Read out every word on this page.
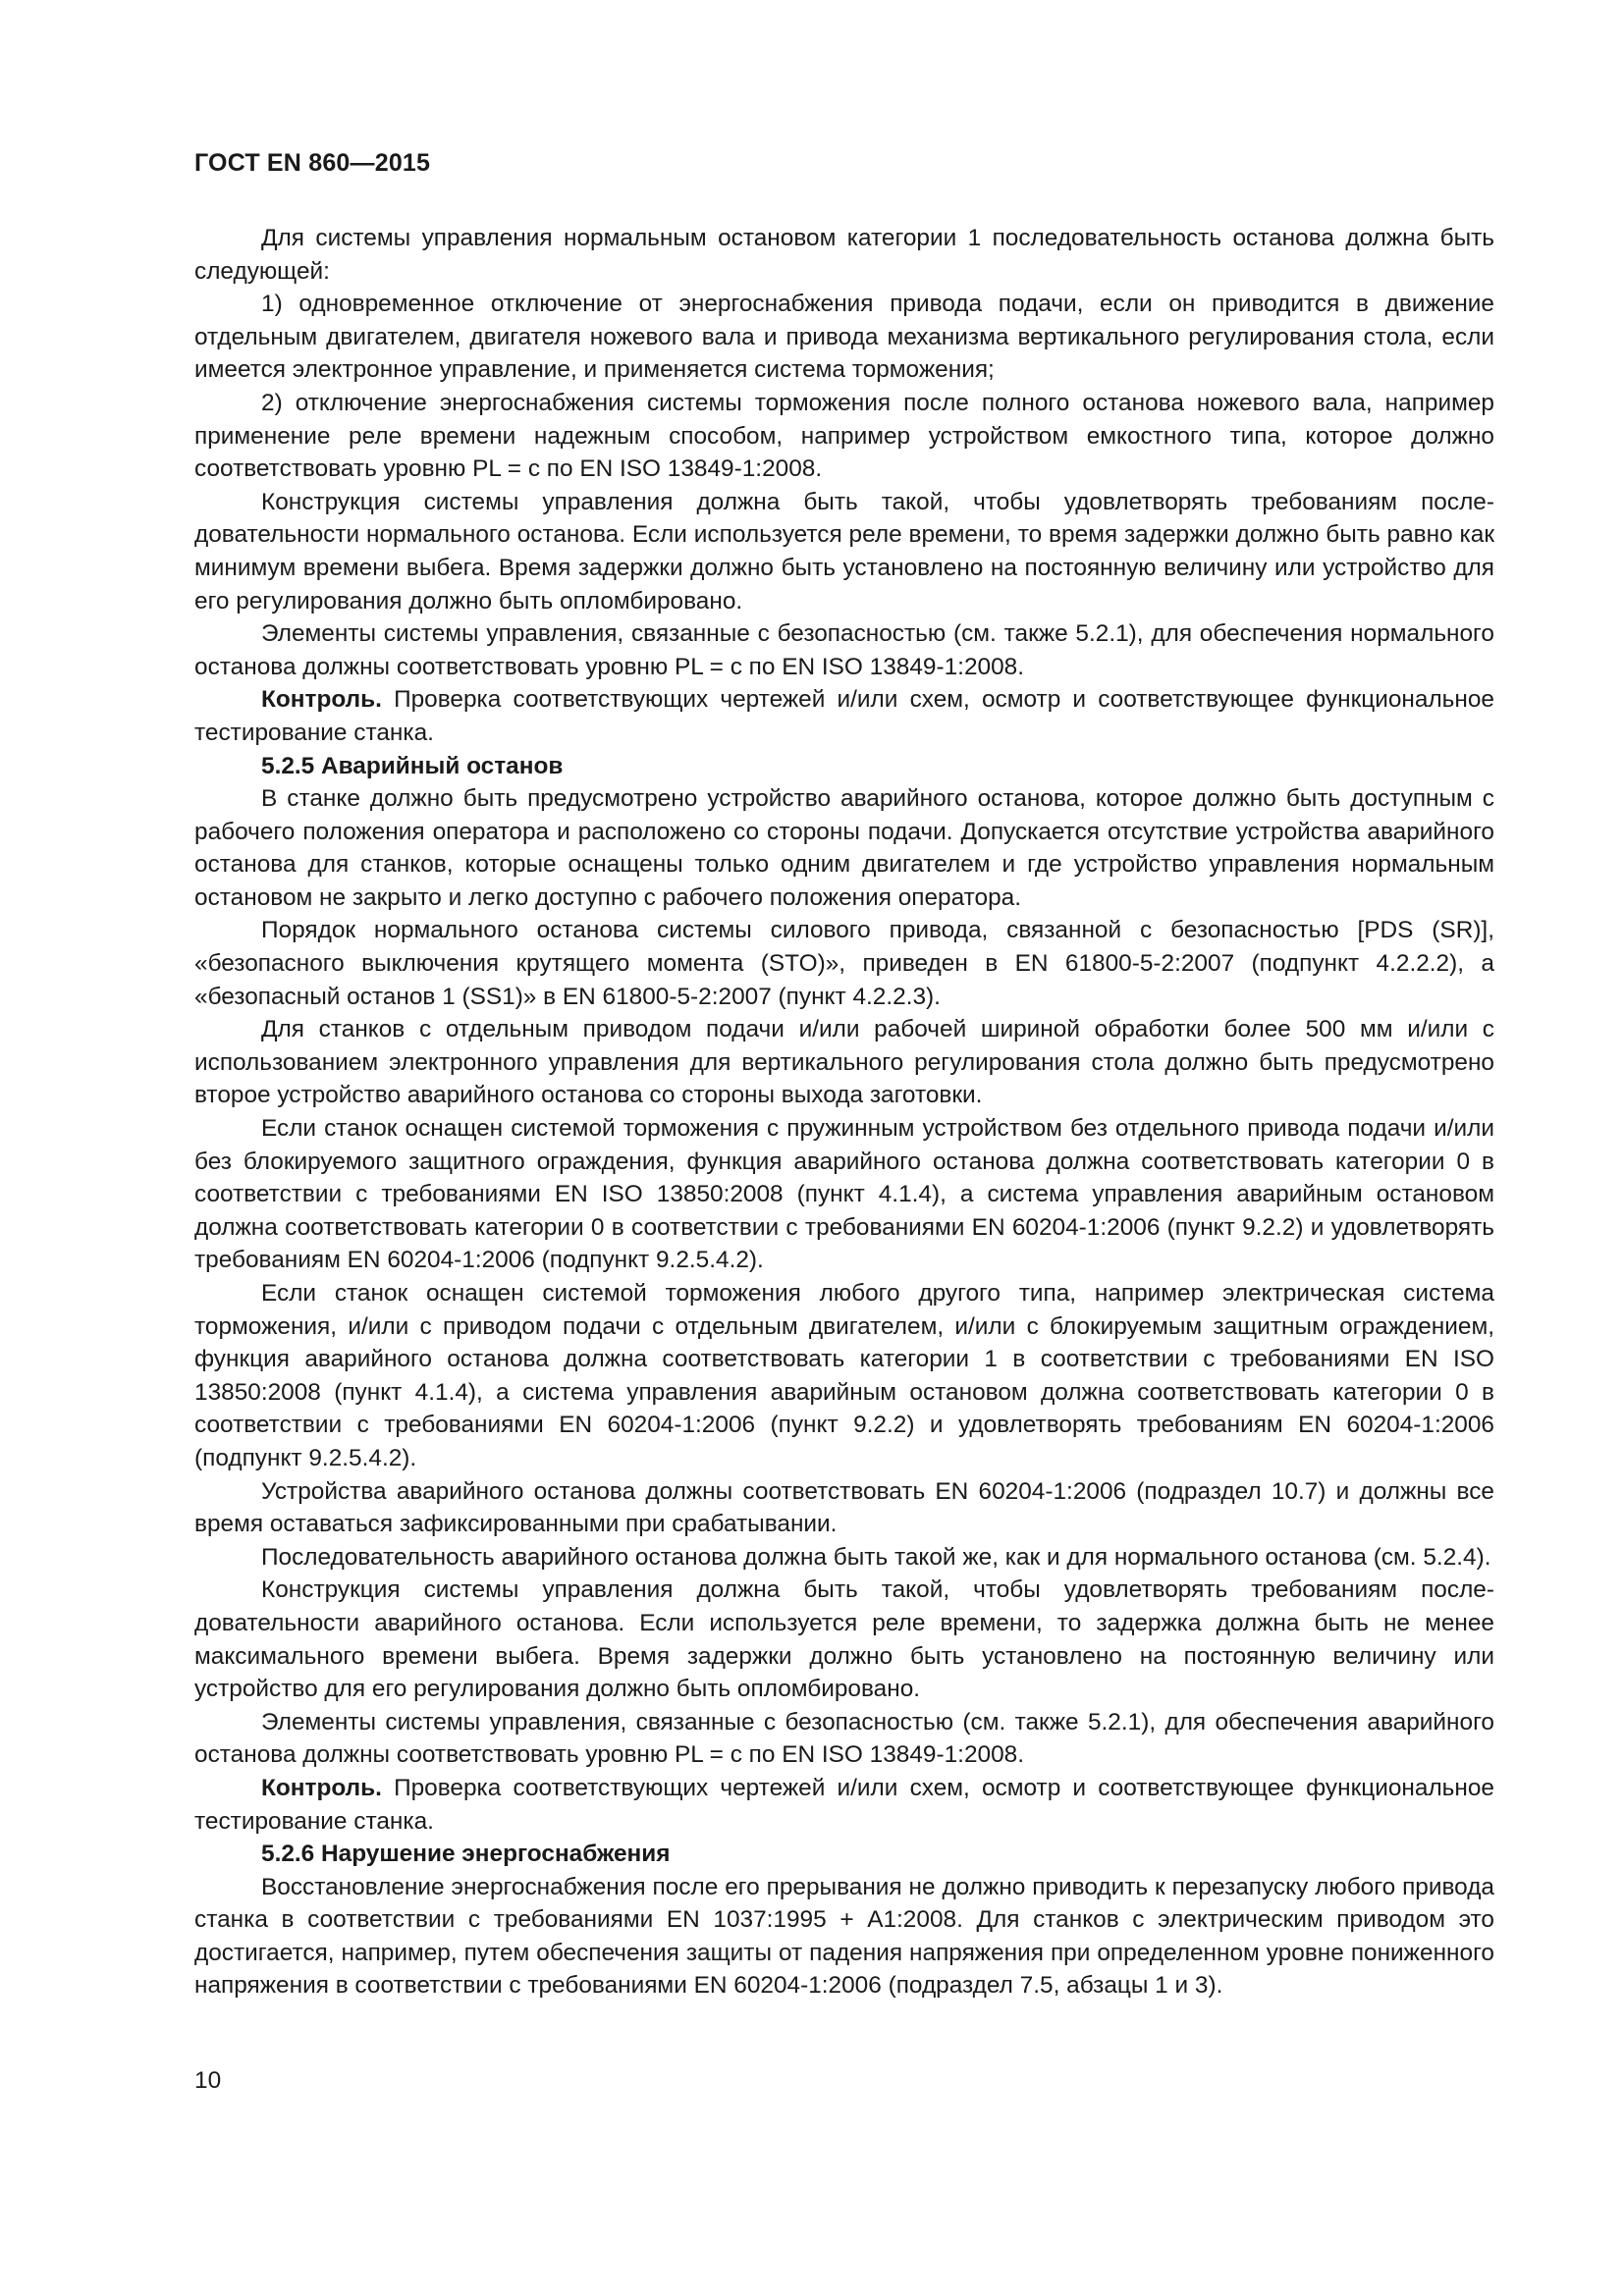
ГОСТ EN 860—2015

Для системы управления нормальным остановом категории 1 последовательность останова должна быть следующей:

1) одновременное отключение от энергоснабжения привода подачи, если он приводится в движение отдельным двигателем, двигателя ножевого вала и привода механизма вертикального регулирования стола, если имеется электронное управление, и применяется система торможения;

2) отключение энергоснабжения системы торможения после полного останова ножевого вала, например применение реле времени надежным способом, например устройством емкостного типа, которое должно соответствовать уровню PL = с по EN ISO 13849-1:2008.

Конструкция системы управления должна быть такой, чтобы удовлетворять требованиям последовательности нормального останова. Если используется реле времени, то время задержки должно быть равно как минимум времени выбега. Время задержки должно быть установлено на постоянную величину или устройство для его регулирования должно быть опломбировано.

Элементы системы управления, связанные с безопасностью (см. также 5.2.1), для обеспечения нормального останова должны соответствовать уровню PL = с по EN ISO 13849-1:2008.

Контроль. Проверка соответствующих чертежей и/или схем, осмотр и соответствующее функциональное тестирование станка.

5.2.5 Аварийный останов

В станке должно быть предусмотрено устройство аварийного останова, которое должно быть доступным с рабочего положения оператора и расположено со стороны подачи. Допускается отсутствие устройства аварийного останова для станков, которые оснащены только одним двигателем и где устройство управления нормальным остановом не закрыто и легко доступно с рабочего положения оператора.

Порядок нормального останова системы силового привода, связанной с безопасностью [PDS (SR)], «безопасного выключения крутящего момента (STO)», приведен в EN 61800-5-2:2007 (подпункт 4.2.2.2), а «безопасный останов 1 (SS1)» в EN 61800-5-2:2007 (пункт 4.2.2.3).

Для станков с отдельным приводом подачи и/или рабочей шириной обработки более 500 мм и/или с использованием электронного управления для вертикального регулирования стола должно быть предусмотрено второе устройство аварийного останова со стороны выхода заготовки.

Если станок оснащен системой торможения с пружинным устройством без отдельного привода подачи и/или без блокируемого защитного ограждения, функция аварийного останова должна соответствовать категории 0 в соответствии с требованиями EN ISO 13850:2008 (пункт 4.1.4), а система управления аварийным остановом должна соответствовать категории 0 в соответствии с требованиями EN 60204-1:2006 (пункт 9.2.2) и удовлетворять требованиям EN 60204-1:2006 (подпункт 9.2.5.4.2).

Если станок оснащен системой торможения любого другого типа, например электрическая система торможения, и/или с приводом подачи с отдельным двигателем, и/или с блокируемым защитным ограждением, функция аварийного останова должна соответствовать категории 1 в соответствии с требованиями EN ISO 13850:2008 (пункт 4.1.4), а система управления аварийным остановом должна соответствовать категории 0 в соответствии с требованиями EN 60204-1:2006 (пункт 9.2.2) и удовлетворять требованиям EN 60204-1:2006 (подпункт 9.2.5.4.2).

Устройства аварийного останова должны соответствовать EN 60204-1:2006 (подраздел 10.7) и должны все время оставаться зафиксированными при срабатывании.

Последовательность аварийного останова должна быть такой же, как и для нормального останова (см. 5.2.4).

Конструкция системы управления должна быть такой, чтобы удовлетворять требованиям последовательности аварийного останова. Если используется реле времени, то задержка должна быть не менее максимального времени выбега. Время задержки должно быть установлено на постоянную величину или устройство для его регулирования должно быть опломбировано.

Элементы системы управления, связанные с безопасностью (см. также 5.2.1), для обеспечения аварийного останова должны соответствовать уровню PL = с по EN ISO 13849-1:2008.

Контроль. Проверка соответствующих чертежей и/или схем, осмотр и соответствующее функциональное тестирование станка.

5.2.6 Нарушение энергоснабжения

Восстановление энергоснабжения после его прерывания не должно приводить к перезапуску любого привода станка в соответствии с требованиями EN 1037:1995 + А1:2008. Для станков с электрическим приводом это достигается, например, путем обеспечения защиты от падения напряжения при определенном уровне пониженного напряжения в соответствии с требованиями EN 60204-1:2006 (подраздел 7.5, абзацы 1 и 3).

10
